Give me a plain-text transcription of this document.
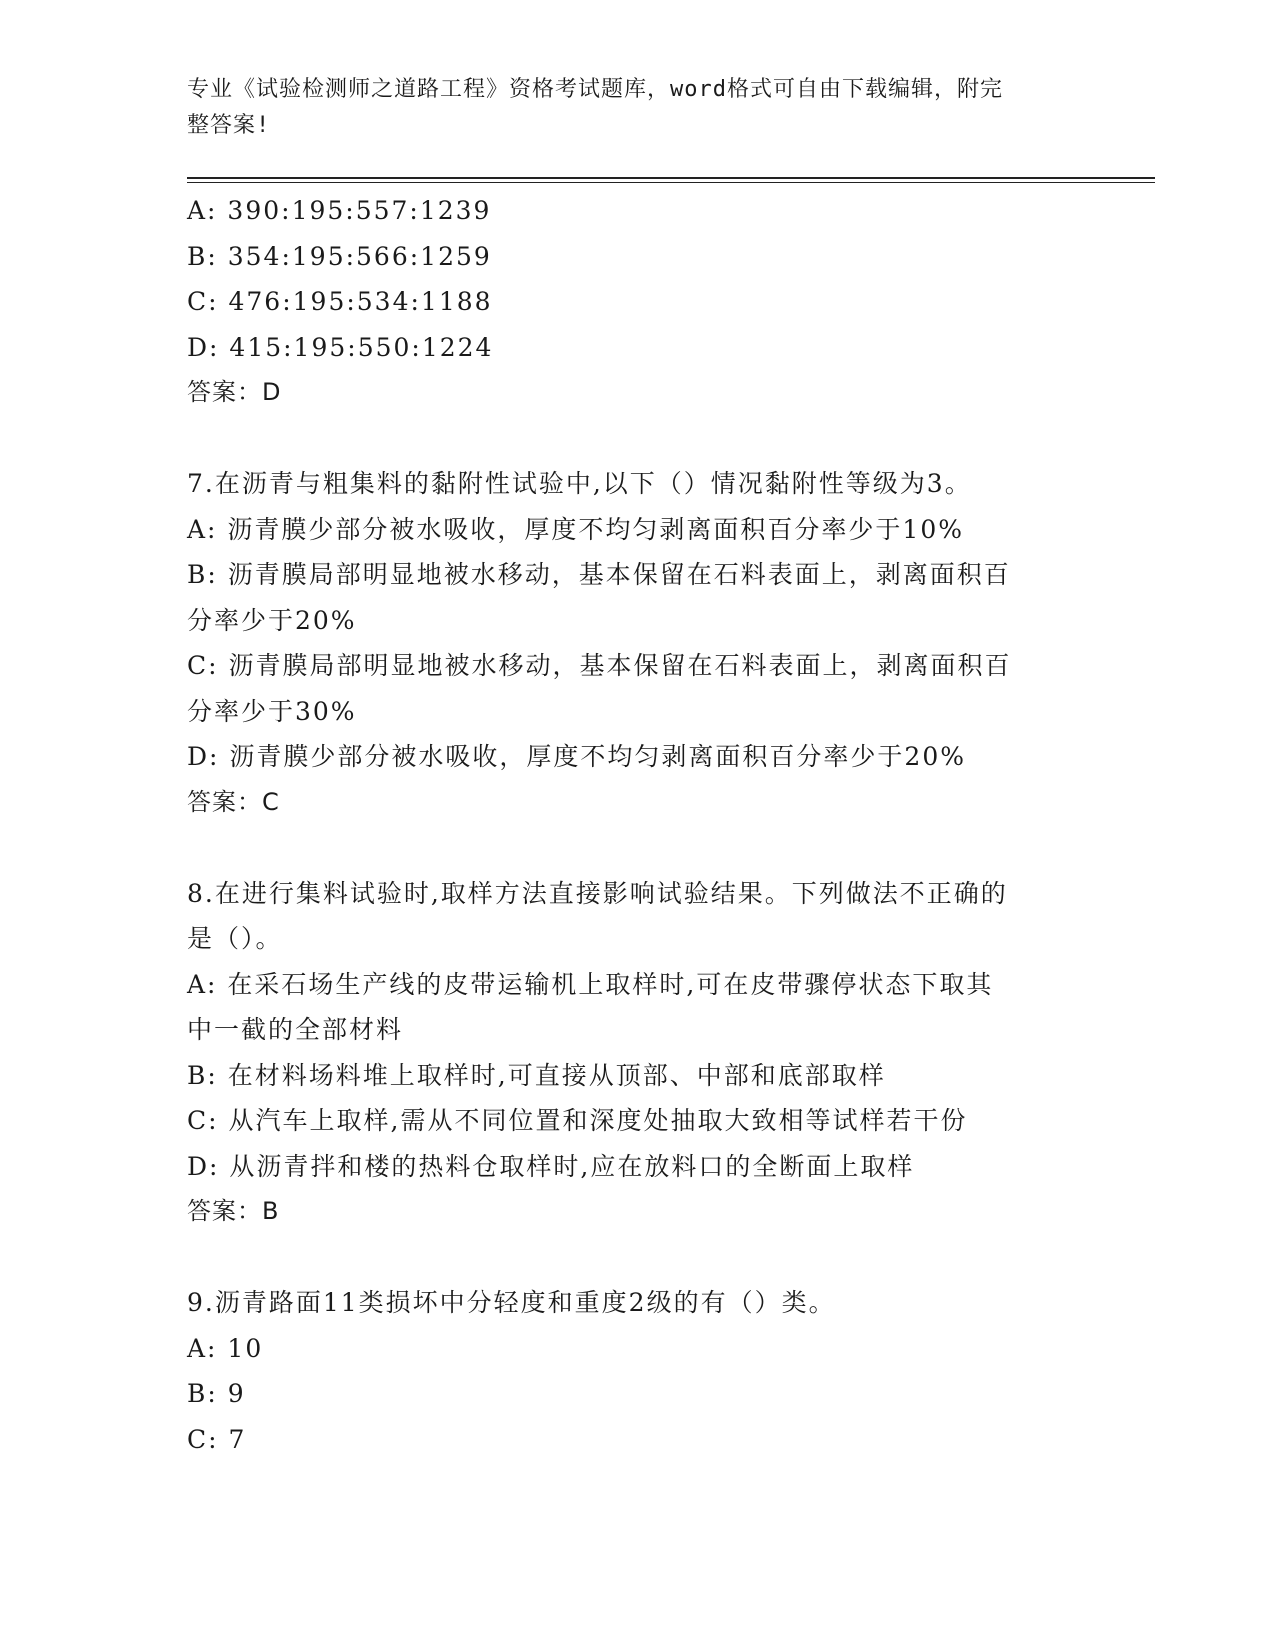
专业《试验检测师之道路工程》资格考试题库，word格式可自由下载编辑，附完
整答案!
A: 390:195:557:1239
B: 354:195:566:1259
C: 476:195:534:1188
D: 415:195:550:1224
答案：D
7.在沥青与粗集料的黏附性试验中,以下（）情况黏附性等级为3。
A: 沥青膜少部分被水吸收，厚度不均匀剥离面积百分率少于10%
B: 沥青膜局部明显地被水移动，基本保留在石料表面上，剥离面积百
分率少于20%
C: 沥青膜局部明显地被水移动，基本保留在石料表面上，剥离面积百
分率少于30%
D: 沥青膜少部分被水吸收，厚度不均匀剥离面积百分率少于20%
答案：C
8.在进行集料试验时,取样方法直接影响试验结果。下列做法不正确的
是（）。
A: 在采石场生产线的皮带运输机上取样时,可在皮带骤停状态下取其
中一截的全部材料
B: 在材料场料堆上取样时,可直接从顶部、中部和底部取样
C: 从汽车上取样,需从不同位置和深度处抽取大致相等试样若干份
D: 从沥青拌和楼的热料仓取样时,应在放料口的全断面上取样
答案：B
9.沥青路面11类损坏中分轻度和重度2级的有（）类。
A: 10
B: 9
C: 7
